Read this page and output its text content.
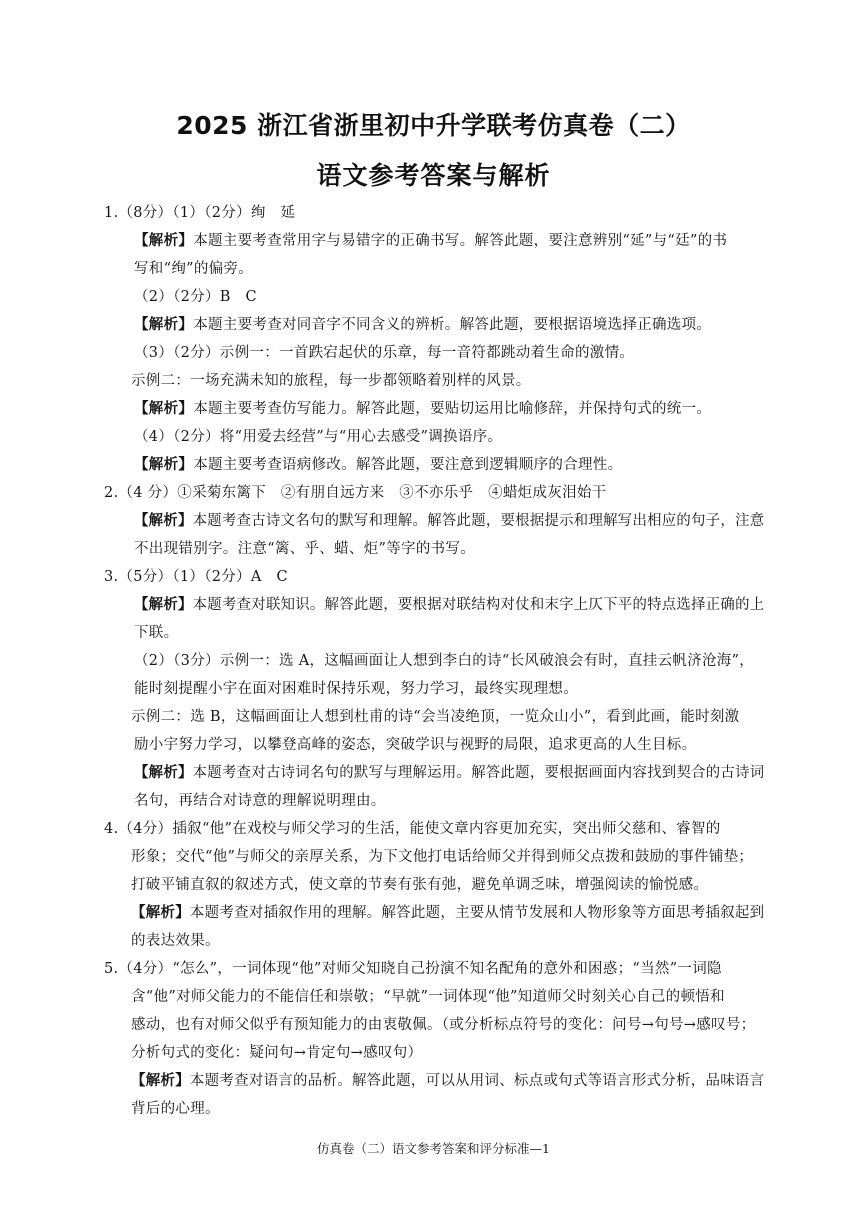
2025 浙江省浙里初中升学联考仿真卷（二）
语文参考答案与解析
1.（8分）（1）（2分）绚　延
【解析】本题主要考查常用字与易错字的正确书写。解答此题，要注意辨别“延”与“廷”的书
写和“绚”的偏旁。
（2）（2分）B　C
【解析】本题主要考查对同音字不同含义的辨析。解答此题，要根据语境选择正确选项。
（3）（2分）示例一：一首跌宕起伏的乐章，每一音符都跳动着生命的激情。
示例二：一场充满未知的旅程，每一步都领略着别样的风景。
【解析】本题主要考查仿写能力。解答此题，要贴切运用比喻修辞，并保持句式的统一。
（4）（2分）将“用爱去经营”与“用心去感受”调换语序。
【解析】本题主要考查语病修改。解答此题，要注意到逻辑顺序的合理性。
2.（4 分）①采菊东篱下　②有朋自远方来　③不亦乐乎　④蜡炬成灰泪始干
【解析】本题考查古诗文名句的默写和理解。解答此题，要根据提示和理解写出相应的句子，注意
不出现错别字。注意“篱、乎、蜡、炬”等字的书写。
3.（5分）（1）（2分）A　C
【解析】本题考查对联知识。解答此题，要根据对联结构对仗和末字上仄下平的特点选择正确的上
下联。
（2）（3分）示例一：选 A，这幅画面让人想到李白的诗“长风破浪会有时，直挂云帆济沧海”，
能时刻提醒小宇在面对困难时保持乐观，努力学习，最终实现理想。
示例二：选 B，这幅画面让人想到杜甫的诗“会当凌绝顶，一览众山小”，看到此画，能时刻激
励小宇努力学习，以攀登高峰的姿态，突破学识与视野的局限，追求更高的人生目标。
【解析】本题考查对古诗词名句的默写与理解运用。解答此题，要根据画面内容找到契合的古诗词
名句，再结合对诗意的理解说明理由。
4.（4分）插叙“他”在戏校与师父学习的生活，能使文章内容更加充实，突出师父慈和、睿智的
形象；交代“他”与师父的亲厚关系，为下文他打电话给师父并得到师父点拨和鼓励的事件铺垫；
打破平铺直叙的叙述方式，使文章的节奏有张有弛，避免单调乏味，增强阅读的愉悦感。
【解析】本题考查对插叙作用的理解。解答此题，主要从情节发展和人物形象等方面思考插叙起到
的表达效果。
5.（4分）“怎么”，一词体现“他”对师父知晓自己扮演不知名配角的意外和困惑；“当然”一词隐
含“他”对师父能力的不能信任和崇敬；“早就”一词体现“他”知道师父时刻关心自己的顿悟和
感动，也有对师父似乎有预知能力的由衷敬佩。（或分析标点符号的变化：问号→句号→感叹号；
分析句式的变化：疑问句→肯定句→感叹句）
【解析】本题考查对语言的品析。解答此题，可以从用词、标点或句式等语言形式分析，品味语言
背后的心理。
仿真卷（二）语文参考答案和评分标准—1
